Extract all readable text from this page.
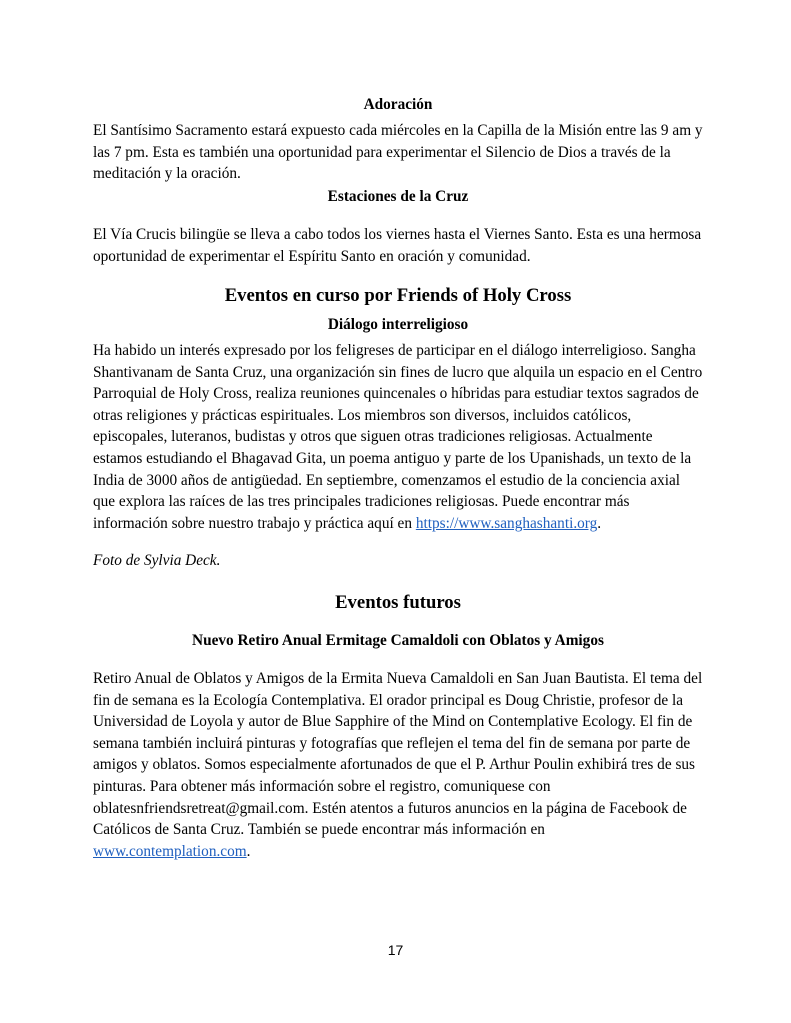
Adoración

El Santísimo Sacramento estará expuesto cada miércoles en la Capilla de la Misión entre las 9 am y las 7 pm. Esta es también una oportunidad para experimentar el Silencio de Dios a través de la meditación y la oración.

Estaciones de la Cruz

El Vía Crucis bilingüe se lleva a cabo todos los viernes hasta el Viernes Santo. Esta es una hermosa oportunidad de experimentar el Espíritu Santo en oración y comunidad.

Eventos en curso por Friends of Holy Cross

Diálogo interreligioso

Ha habido un interés expresado por los feligreses de participar en el diálogo interreligioso. Sangha Shantivanam de Santa Cruz, una organización sin fines de lucro que alquila un espacio en el Centro Parroquial de Holy Cross, realiza reuniones quincenales o híbridas para estudiar textos sagrados de otras religiones y prácticas espirituales. Los miembros son diversos, incluidos católicos, episcopales, luteranos, budistas y otros que siguen otras tradiciones religiosas. Actualmente estamos estudiando el Bhagavad Gita, un poema antiguo y parte de los Upanishads, un texto de la India de 3000 años de antigüedad. En septiembre, comenzamos el estudio de la conciencia axial que explora las raíces de las tres principales tradiciones religiosas. Puede encontrar más información sobre nuestro trabajo y práctica aquí en https://www.sanghashanti.org.

Foto de Sylvia Deck.

Eventos futuros

Nuevo Retiro Anual Ermitage Camaldoli con Oblatos y Amigos

Retiro Anual de Oblatos y Amigos de la Ermita Nueva Camaldoli en San Juan Bautista. El tema del fin de semana es la Ecología Contemplativa. El orador principal es Doug Christie, profesor de la Universidad de Loyola y autor de Blue Sapphire of the Mind on Contemplative Ecology. El fin de semana también incluirá pinturas y fotografías que reflejen el tema del fin de semana por parte de amigos y oblatos. Somos especialmente afortunados de que el P. Arthur Poulin exhibirá tres de sus pinturas. Para obtener más información sobre el registro, comuniquese con oblatesnfriendsretreat@gmail.com. Estén atentos a futuros anuncios en la página de Facebook de Católicos de Santa Cruz. También se puede encontrar más información en www.contemplation.com.

17
